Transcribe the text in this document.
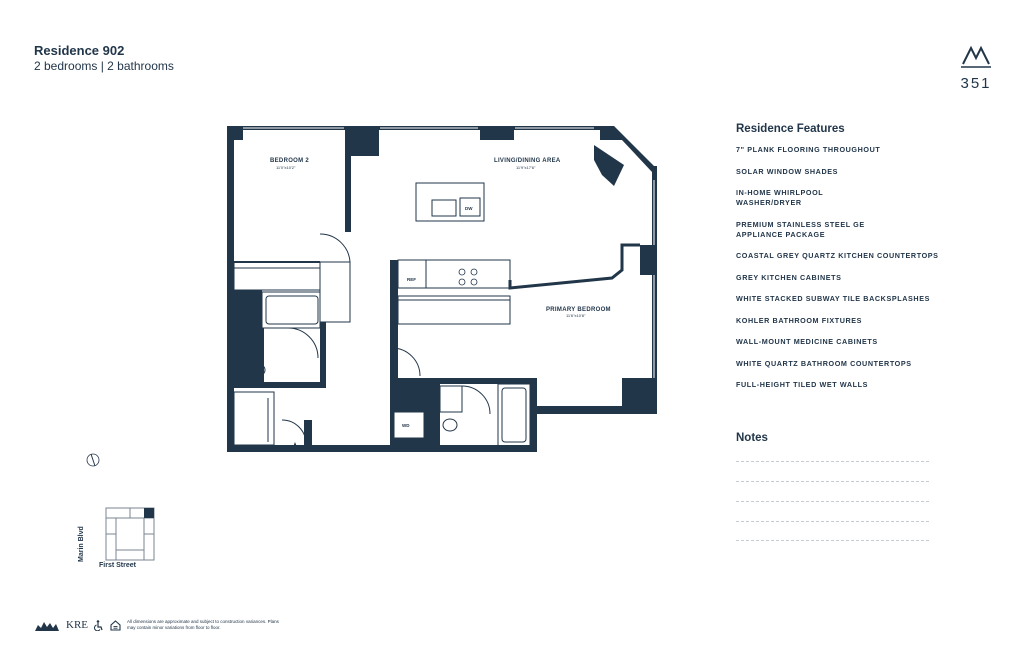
Residence 902
2 bedrooms | 2 bathrooms
351
BEDROOM 2
11'0"x10'2"
LIVING/DINING AREA
11'9"x17'6"
PRIMARY BEDROOM
11'6"x10'8"
REF
DW
WD
Residence Features
7" PLANK FLOORING THROUGHOUT
SOLAR WINDOW SHADES
IN-HOME WHIRLPOOL WASHER/DRYER
PREMIUM STAINLESS STEEL GE APPLIANCE PACKAGE
COASTAL GREY QUARTZ KITCHEN COUNTERTOPS
GREY KITCHEN CABINETS
WHITE STACKED SUBWAY TILE BACKSPLASHES
KOHLER BATHROOM FIXTURES
WALL-MOUNT MEDICINE CABINETS
WHITE QUARTZ BATHROOM COUNTERTOPS
FULL-HEIGHT TILED WET WALLS
Notes
Marin Blvd
First Street
KRE	All dimensions are approximate and subject to construction variances. Plans may contain minor variations from floor to floor.
